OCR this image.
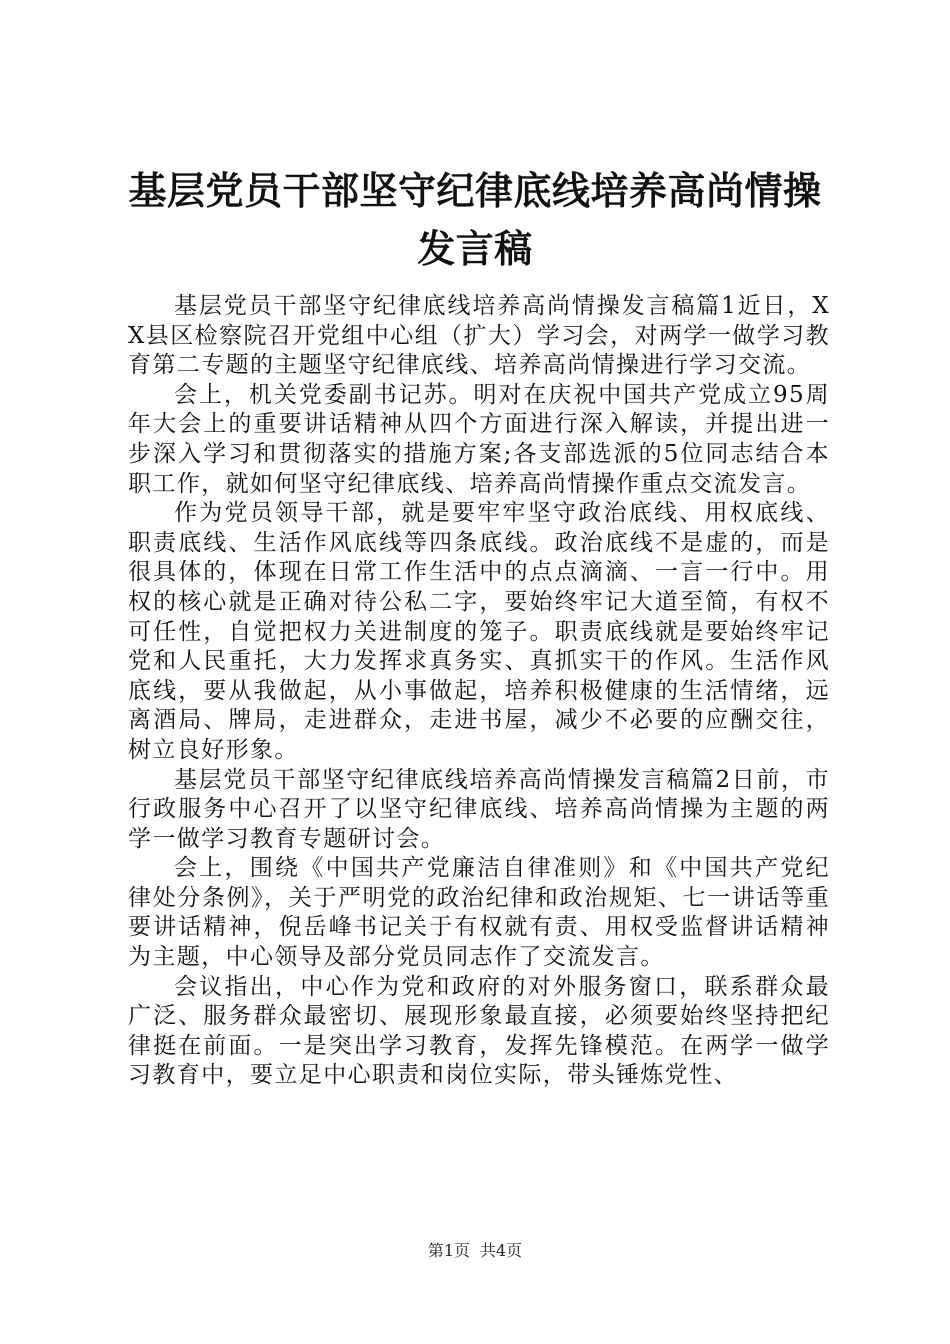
基层党员干部坚守纪律底线培养高尚情操发言稿

基层党员干部坚守纪律底线培养高尚情操发言稿篇1近日，XX县区检察院召开党组中心组（扩大）学习会，对两学一做学习教育第二专题的主题坚守纪律底线、培养高尚情操进行学习交流。

会上，机关党委副书记苏。明对在庆祝中国共产党成立95周年大会上的重要讲话精神从四个方面进行深入解读，并提出进一步深入学习和贯彻落实的措施方案;各支部选派的5位同志结合本职工作，就如何坚守纪律底线、培养高尚情操作重点交流发言。

作为党员领导干部，就是要牢牢坚守政治底线、用权底线、职责底线、生活作风底线等四条底线。政治底线不是虚的，而是很具体的，体现在日常工作生活中的点点滴滴、一言一行中。用权的核心就是正确对待公私二字，要始终牢记大道至简，有权不可任性，自觉把权力关进制度的笼子。职责底线就是要始终牢记党和人民重托，大力发挥求真务实、真抓实干的作风。生活作风底线，要从我做起，从小事做起，培养积极健康的生活情绪，远离酒局、牌局，走进群众，走进书屋，减少不必要的应酬交往，树立良好形象。

基层党员干部坚守纪律底线培养高尚情操发言稿篇2日前，市行政服务中心召开了以坚守纪律底线、培养高尚情操为主题的两学一做学习教育专题研讨会。

会上，围绕《中国共产党廉洁自律准则》和《中国共产党纪律处分条例》，关于严明党的政治纪律和政治规矩、七一讲话等重要讲话精神，倪岳峰书记关于有权就有责、用权受监督讲话精神为主题，中心领导及部分党员同志作了交流发言。

会议指出，中心作为党和政府的对外服务窗口，联系群众最广泛、服务群众最密切、展现形象最直接，必须要始终坚持把纪律挺在前面。一是突出学习教育，发挥先锋模范。在两学一做学习教育中，要立足中心职责和岗位实际，带头锤炼党性、

第1页 共4页
